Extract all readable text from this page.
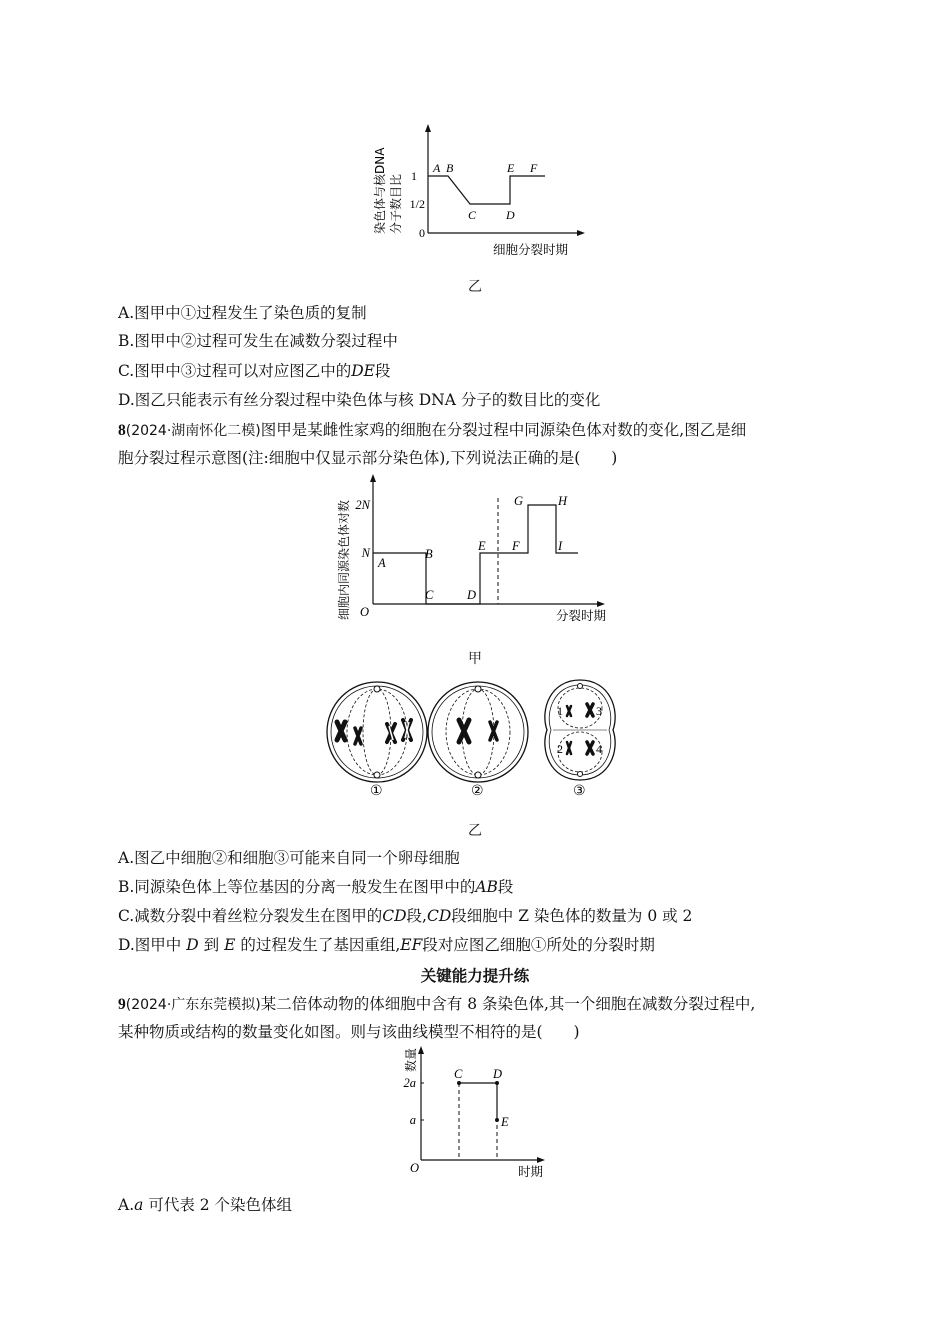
1
1/2
0
A B
C D
E F
染色体与核DNA 分子数目比
细胞分裂时期
乙
A.图甲中①过程发生了染色质的复制
B.图甲中②过程可发生在减数分裂过程中
C.图甲中③过程可以对应图乙中的DE段
D.图乙只能表示有丝分裂过程中染色体与核 DNA 分子的数目比的变化
8(2024·湖南怀化二模)图甲是某雌性家鸡的细胞在分裂过程中同源染色体对数的变化,图乙是细
胞分裂过程示意图(注:细胞中仅显示部分染色体),下列说法正确的是(　　)
2N
N
O
A
B
C	D
E F
G	H
I
细胞内同源染色体对数	分裂时期
甲
1	3
2	4
①	②	③
乙
A.图乙中细胞②和细胞③可能来自同一个卵母细胞
B.同源染色体上等位基因的分离一般发生在图甲中的AB段
C.减数分裂中着丝粒分裂发生在图甲的CD段,CD段细胞中 Z 染色体的数量为 0 或 2
D.图甲中 D 到 E 的过程发生了基因重组,EF段对应图乙细胞①所处的分裂时期
关键能力提升练
9(2024·广东东莞模拟)某二倍体动物的体细胞中含有 8 条染色体,其一个细胞在减数分裂过程中,
某种物质或结构的数量变化如图。则与该曲线模型不相符的是(　　)
2a
a
O
C D
E
数量
时期
A.a 可代表 2 个染色体组
